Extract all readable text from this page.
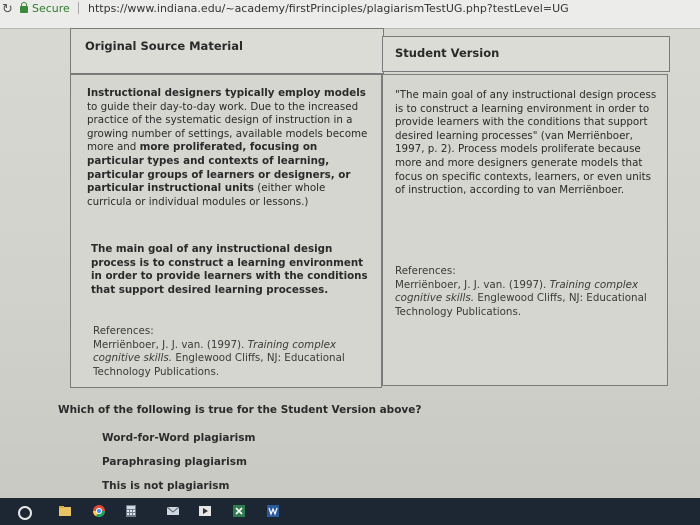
↻ Secure https://www.indiana.edu/~academy/firstPrinciples/plagiarismTestUG.php?testLevel=UG
Original Source Material	Student Version
Instructional designers typically employ models to guide their day-to-day work. Due to the increased practice of the systematic design of instruction in a growing number of settings, available models become more and more proliferated, focusing on particular types and contexts of learning, particular groups of learners or designers, or particular instructional units (either whole curricula or individual modules or lessons.)
The main goal of any instructional design process is to construct a learning environment in order to provide learners with the conditions that support desired learning processes.
References:
Merriënboer, J. J. van. (1997). Training complex cognitive skills. Englewood Cliffs, NJ: Educational Technology Publications.
"The main goal of any instructional design process is to construct a learning environment in order to provide learners with the conditions that support desired learning processes" (van Merriënboer, 1997, p. 2). Process models proliferate because more and more designers generate models that focus on specific contexts, learners, or even units of instruction, according to van Merriënboer.
References:
Merriënboer, J. J. van. (1997). Training complex cognitive skills. Englewood Cliffs, NJ: Educational Technology Publications.
Which of the following is true for the Student Version above?
Word-for-Word plagiarism
Paraphrasing plagiarism
This is not plagiarism
